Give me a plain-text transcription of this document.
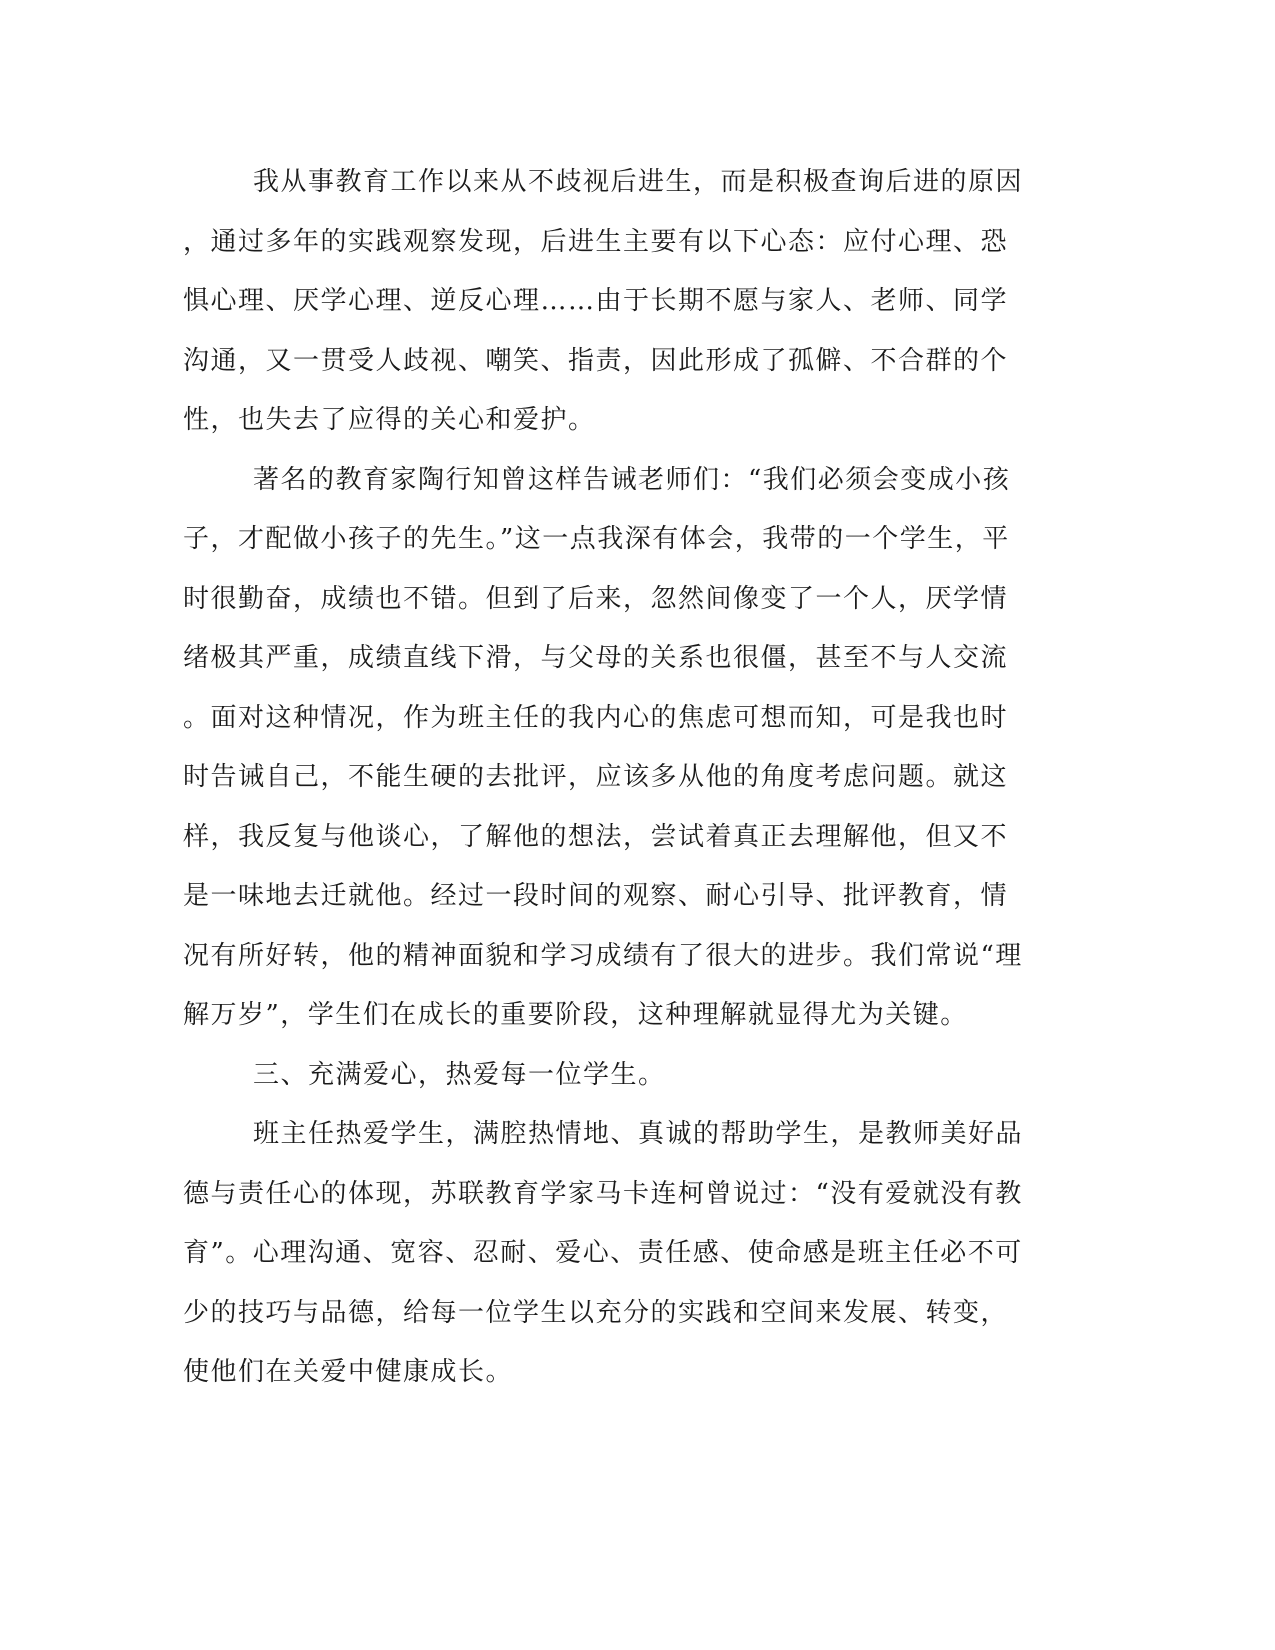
我从事教育工作以来从不歧视后进生，而是积极查询后进的原因
，通过多年的实践观察发现，后进生主要有以下心态：应付心理、恐
惧心理、厌学心理、逆反心理……由于长期不愿与家人、老师、同学
沟通，又一贯受人歧视、嘲笑、指责，因此形成了孤僻、不合群的个
性，也失去了应得的关心和爱护。
著名的教育家陶行知曾这样告诫老师们：“我们必须会变成小孩
子，才配做小孩子的先生。”这一点我深有体会，我带的一个学生，平
时很勤奋，成绩也不错。但到了后来，忽然间像变了一个人，厌学情
绪极其严重，成绩直线下滑，与父母的关系也很僵，甚至不与人交流
。面对这种情况，作为班主任的我内心的焦虑可想而知，可是我也时
时告诫自己，不能生硬的去批评，应该多从他的角度考虑问题。就这
样，我反复与他谈心，了解他的想法，尝试着真正去理解他，但又不
是一味地去迁就他。经过一段时间的观察、耐心引导、批评教育，情
况有所好转，他的精神面貌和学习成绩有了很大的进步。我们常说“理
解万岁”，学生们在成长的重要阶段，这种理解就显得尤为关键。
三、充满爱心，热爱每一位学生。
班主任热爱学生，满腔热情地、真诚的帮助学生，是教师美好品
德与责任心的体现，苏联教育学家马卡连柯曾说过：“没有爱就没有教
育”。心理沟通、宽容、忍耐、爱心、责任感、使命感是班主任必不可
少的技巧与品德，给每一位学生以充分的实践和空间来发展、转变，
使他们在关爱中健康成长。
